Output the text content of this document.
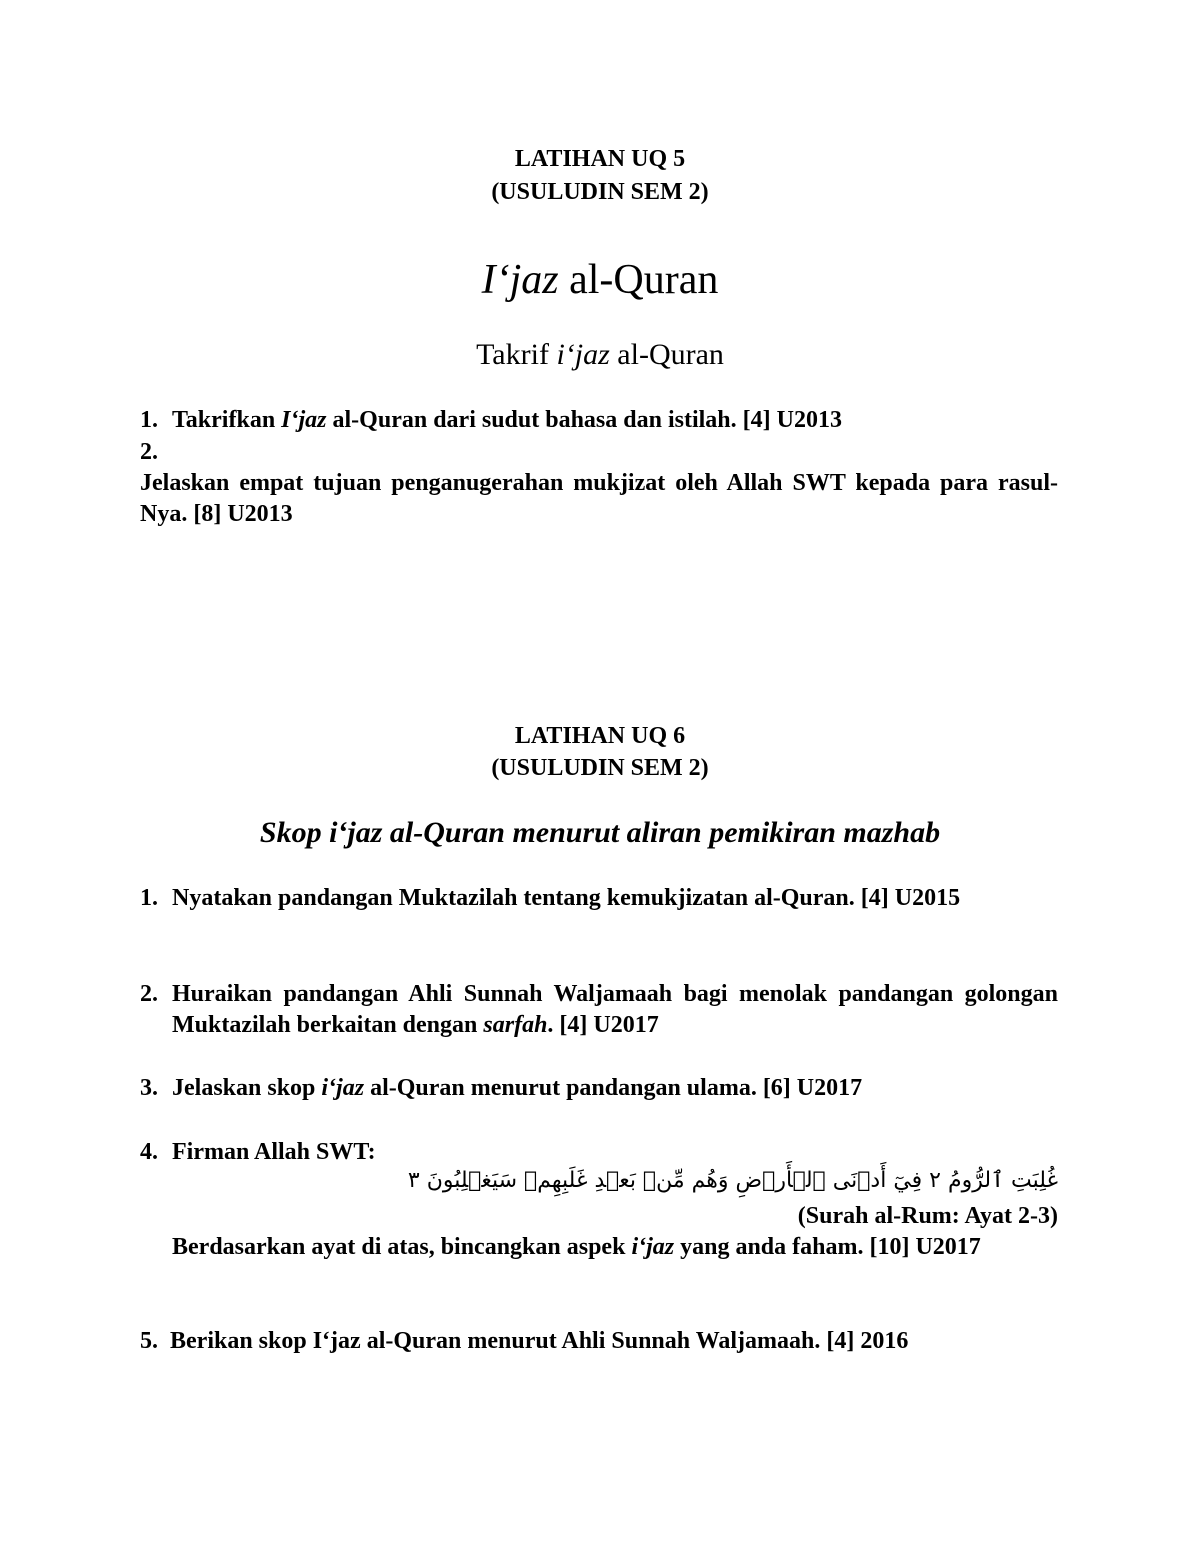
LATIHAN UQ 5
(USULUDIN SEM 2)
I‘jaz al-Quran
Takrif i‘jaz al-Quran
1. Takrifkan I‘jaz al-Quran dari sudut bahasa dan istilah. [4] U2013
2.
Jelaskan empat tujuan penganugerahan mukjizat oleh Allah SWT kepada para rasul-Nya. [8] U2013
LATIHAN UQ 6
(USULUDIN SEM 2)
Skop i‘jaz al-Quran menurut aliran pemikiran mazhab
1. Nyatakan pandangan Muktazilah tentang kemukjizatan al-Quran. [4] U2015
2. Huraikan pandangan Ahli Sunnah Waljamaah bagi menolak pandangan golongan Muktazilah berkaitan dengan sarfah. [4] U2017
3. Jelaskan skop i‘jaz al-Quran menurut pandangan ulama. [6] U2017
4. Firman Allah SWT:
غُلِبَتِ ٱلرُّومُ ٢ فِيٓ أَدۡنَى ٱلۡأَرۡضِ وَهُم مِّنۢ بَعۡدِ غَلَبِهِمۡ سَيَغۡلِبُونَ ٣
(Surah al-Rum: Ayat 2-3)
Berdasarkan ayat di atas, bincangkan aspek i‘jaz yang anda faham. [10] U2017
5. Berikan skop I‘jaz al-Quran menurut Ahli Sunnah Waljamaah. [4] 2016
